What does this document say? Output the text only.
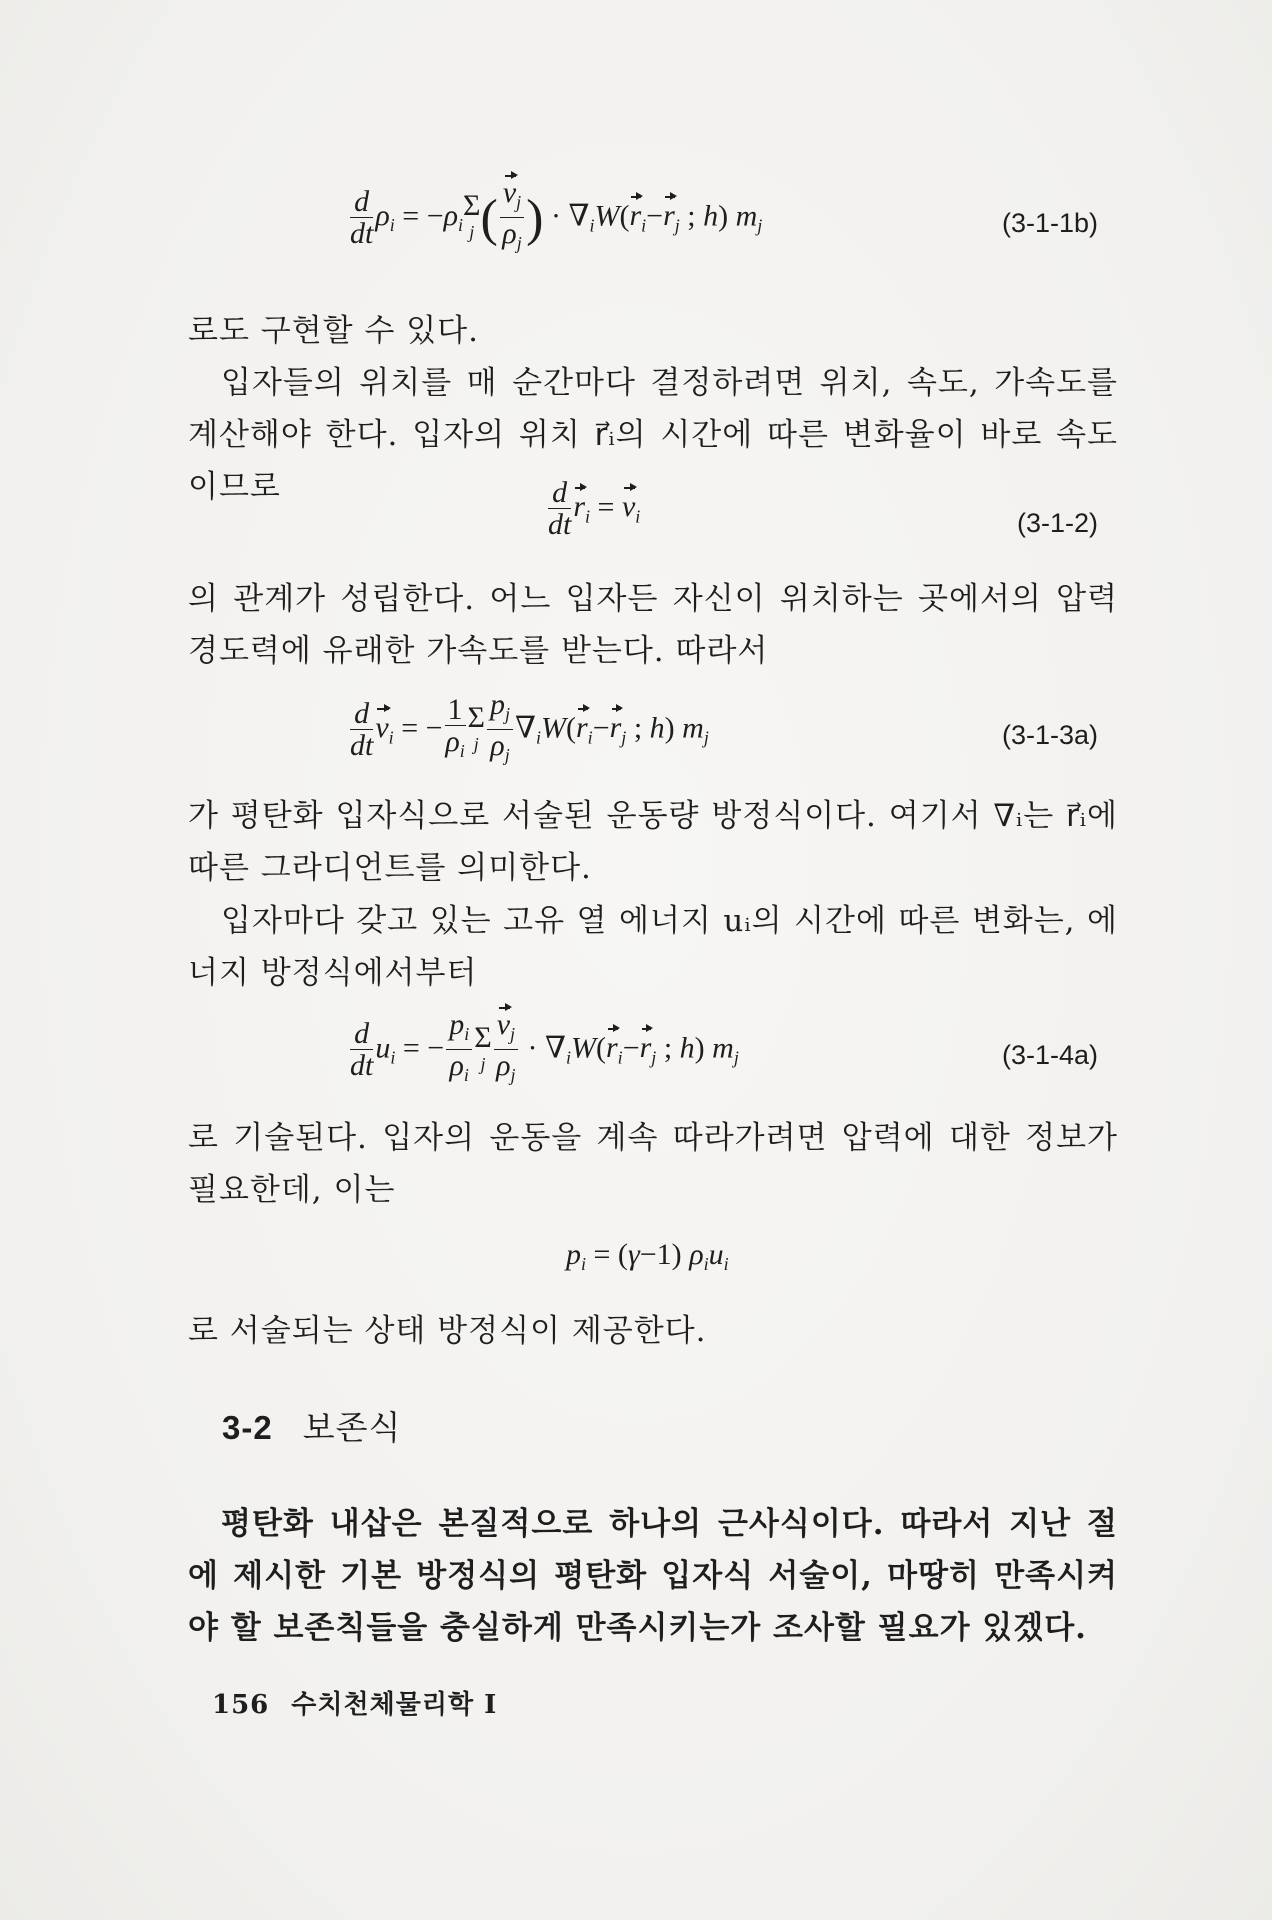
$\frac{d}{dt} \rho_i = -\rho_i$
Σ
j ( $\frac{v_j}{\rho_j}$ ) · $\nabla_iW(r_i-r_j$ ; h) $m_j$	(3-1-1b)
로도 구현할 수 있다.
입자들의 위치를 매 순간마다 결정하려면 위치, 속도, 가속도를 계산해야 한다. 입자의 위치 r⃗ᵢ의 시간에 따른 변화율이 바로 속도이므로	$\frac{d}{dt} r_i = v_i$	(3-1-2)
의 관계가 성립한다. 어느 입자든 자신이 위치하는 곳에서의 압력 경도력에 유래한 가속도를 받는다. 따라서
$\frac{d}{dt} v_i$ = − $\frac{1}{\rho_i}$ Σ
j $\frac{p_j}{\rho_j} \nabla_iW(r_i-r_j$ ; h) $m_j$	(3-1-3a)
가 평탄화 입자식으로 서술된 운동량 방정식이다. 여기서 ∇ᵢ는 r⃗ᵢ에 따른 그라디언트를 의미한다.
입자마다 갖고 있는 고유 열 에너지 uᵢ의 시간에 따른 변화는, 에너지 방정식에서부터
$\frac{d}{dt} u_i$ = − $\frac{p_i}{\rho_i}$ Σ
j $\frac{v_j}{\rho_j} \cdot \nabla_iW(r_i-r_j$ ; h) $m_j$	(3-1-4a)
로 기술된다. 입자의 운동을 계속 따라가려면 압력에 대한 정보가 필요한데, 이는
$p_i = (\gamma-1)$ $\rho_iu_i$
로 서술되는 상태 방정식이 제공한다.
3-2 보존식
평탄화 내삽은 본질적으로 하나의 근사식이다. 따라서 지난 절에 제시한 기본 방정식의 평탄화 입자식 서술이, 마땅히 만족시켜야 할 보존칙들을 충실하게 만족시키는가 조사할 필요가 있겠다.
156 수치천체물리학 Ⅰ
